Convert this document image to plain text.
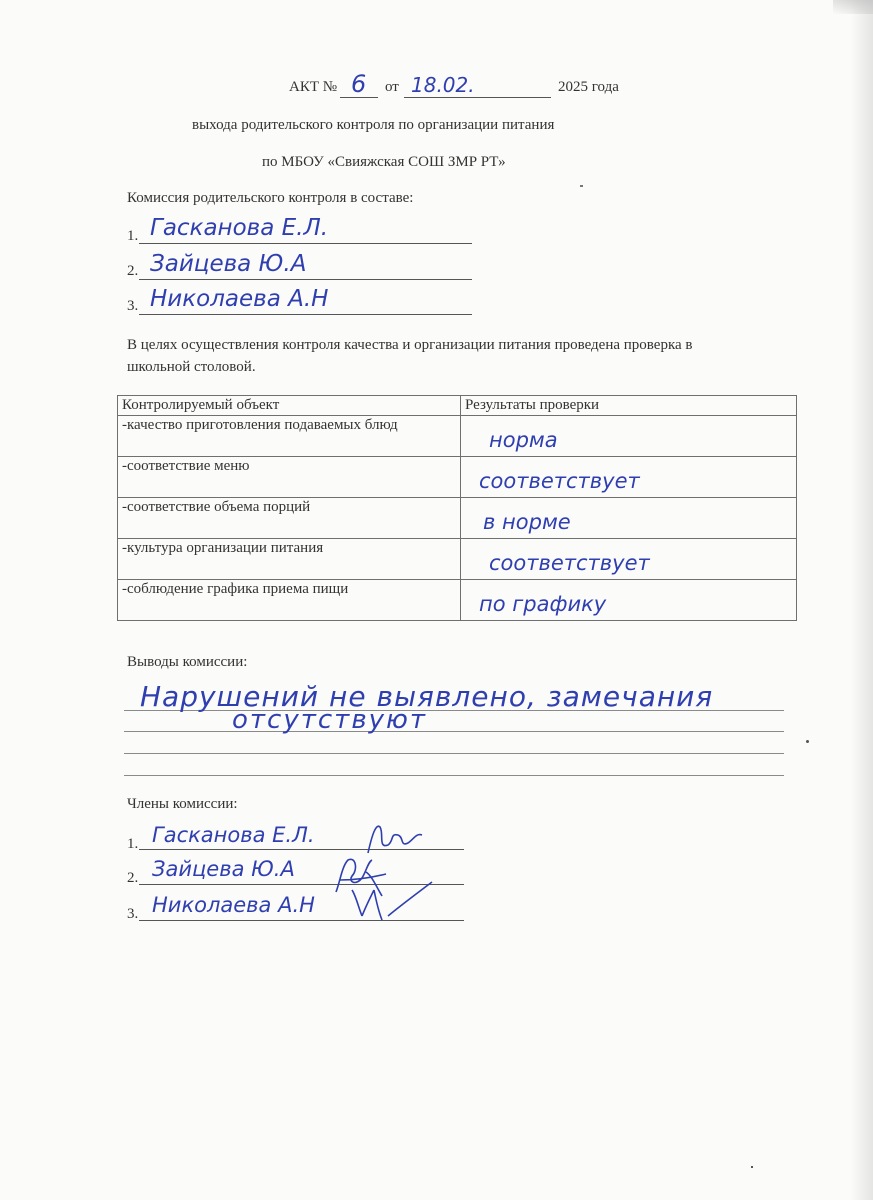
АКТ № 6 от 18.02.	2025 года
выхода родительского контроля по организации питания
по МБОУ «Свияжская СОШ ЗМР РТ»
Комиссия родительского контроля в составе:
1. Гасканова Е.Л.
2. Зайцева Ю.А
3. Николаева А.Н
В целях осуществления контроля качества и организации питания проведена проверка в
школьной столовой.
Контролируемый объект	Результаты проверки
-качество приготовления подаваемых блюд	норма

-соответствие меню	соответствует

-соответствие объема порций	в норме

-культура организации питания	соответствует

-соблюдение графика приема пищи	по графику
Выводы комиссии:
Нарушений не выявлено, замечания
отсутствуют
Члены комиссии:
1. Гасканова Е.Л.
2. Зайцева Ю.А
3. Николаева А.Н
